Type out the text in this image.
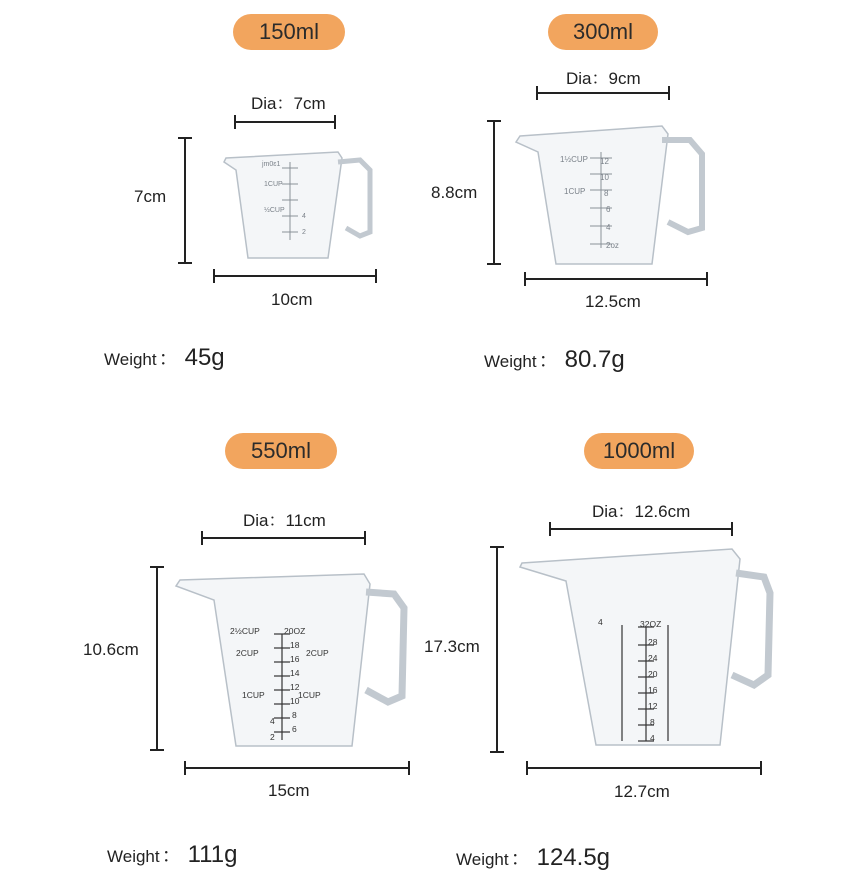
150ml
Dia：7cm
7cm
jm0ɛ1
1CUP
½CUP
4
2
10cm
Weight ： 45g
300ml
Dia：9cm
8.8cm
1½CUP 12
10
1CUP 8
6
4
2oz
12.5cm
Weight ： 80.7g
550ml
Dia：11cm
10.6cm
2½CUP	20OZ
18
2CUP
16
2CUP
14
12
10
1CUP	1CUP
8
6
4
2
15cm
Weight ： 111g
1000ml
Dia：12.6cm
17.3cm
4	32OZ
28
24
20
16
12
8
4
12.7cm
Weight ： 124.5g
